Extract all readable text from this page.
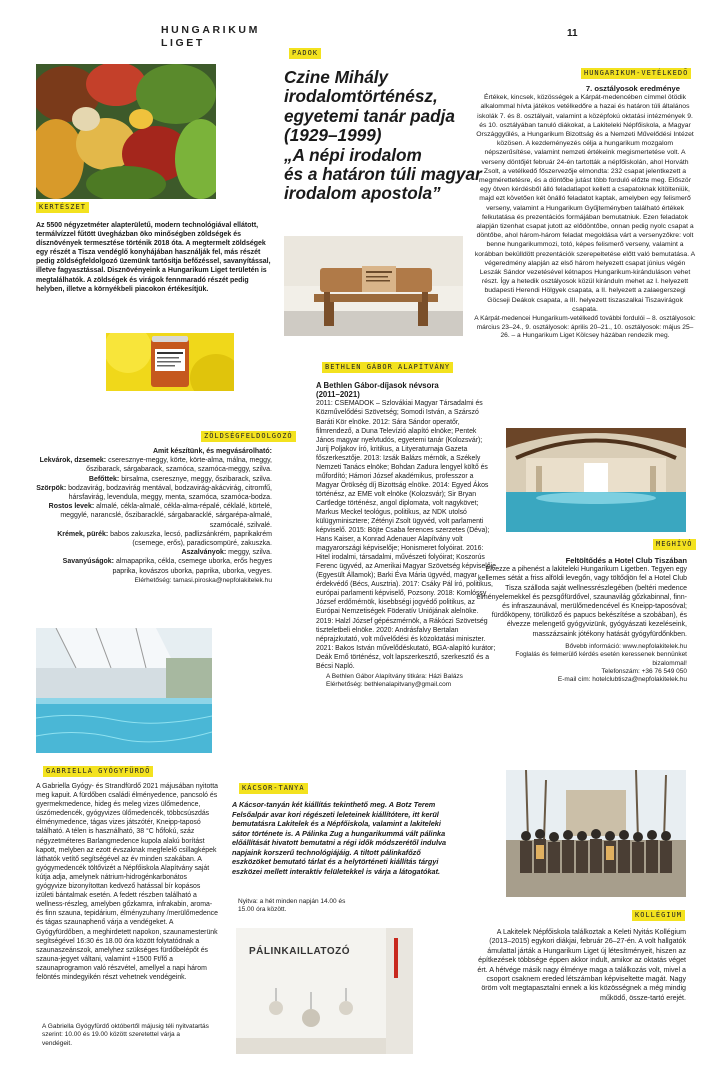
HUNGARIKUM
LIGET
11
KERTÉSZET
Az 5500 négyzetméter alapterületű, modern technológiával ellátott, termálvízzel fűtött üvegházban öko minőségben zöldségek és dísznövények termesztése történik 2018 óta. A megtermelt zöldségek egy részét a Tisza vendéglő konyhájában használják fel, más részét pedig zöldségfeldolgozó üzemünk tartósítja befőzéssel, savanyítással, illetve fagyasztással. Disznövényeink a Hungarikum Liget területén is megtalálhatók. A zöldségek és virágok fennmaradó részét pedig helyben, illetve a környékbeli piacokon értékesítjük.
ZÖLDSÉGFELDOLGOZÓ
Amit készítünk, és megvásárolható:
Lekvárok, dzsemek: cseresznye-meggy, körte, körte-alma, málna, meggy, őszibarack, sárgabarack, szamóca, szamóca-meggy, szilva.
Befőttek: birsalma, cseresznye, meggy, őszibarack, szilva.
Szörpök: bodzavirág, bodzavirág mentával, bodzavirág-akácvirág, citromfű, hársfavirág, levendula, meggy, menta, szamóca, szamóca-bodza.
Rostos levek: almalé, cékla-almalé, cékla-alma-répalé, céklalé, körtelé, meggylé, narancslé, őszibaracklé, sárgabaracklé, sárgarépa-almalé, szamócalé, szilvalé.
Krémek, pürék: babos zakuszka, lecsó, padlizsánkrém, paprikakrém (csemege, erős), paradicsompüré, zakuszka.
Aszalványok: meggy, szilva.
Savanyúságok: almapaprika, cékla, csemege uborka, erős hegyes paprika, kovászos uborka, paprika, uborka, vegyes.
Elérhetőség: tamasi.piroska@nepfolakitelek.hu
GABRIELLA GYÓGYFÜRDŐ
A Gabriella Gyógy- és Strandfürdő 2021 májusában nyitotta meg kapuit. A fürdőben családi élményedence, pancsoló és gyermekmedence, hideg és meleg vizes ülőmedence, úszómedencék, gyógyvizes ülőmedencék, többcsúszdás élménymedence, tágas vizes játszótér, Kneipp-taposó található. A télen is használható, 38 °C hőfokú, száz négyzetméteres Barlangmedence kupola alakú borítást kapott, melyben az ezott évszaknak megfelelő csillagképek láthatók vetítő segítségével az év minden szakában. A gyógymedencék töltővizét a Népfőiskola Alapítvány saját kútja adja, amelynek nátrium-hidrogénkarbonátos gyógyvize bizonyítottan kedvező hatással bír kopásos izületi bántalmak esetén. A fedett részben található a wellness-részleg, amelyben gőzkamra, infrakabin, aroma- és finn szauna, tepidárium, élményzuhany /merülőmedence és tágas szaunaphenő várja a vendégeket. A Gyógyfürdőben, a meghirdetett napokon, szaunamesterünk segítségével 16:30 és 18.00 óra között folytatódnak a szaunaszeánszok, amelyhez szükséges fürdőbelépőt és szauna-jegyet váltani, valamint +1500 Ft/fő a szaunaprogramon való részvétel, amellyel a napi három felöntés mindegyikén részt vehetnek vendégeink.
A Gabriella Gyógyfürdő októbertől májusig téli nyitvatartás szerint: 10.00 és 19.00 között szeretettel várja a vendégeit.
PADOK
Czine Mihály
irodalomtörténész,
egyetemi tanár padja
(1929–1999)
„A népi irodalom
és a határon túli magyar
irodalom apostola”
BETHLEN GÁBOR ALAPÍTVÁNY
A Bethlen Gábor-díjasok névsora
(2011–2021)
2011: CSEMADOK – Szlovákiai Magyar Társadalmi és Közművelődési Szövetség; Somodi István, a Szárszó Baráti Kör elnöke. 2012: Sára Sándor operatőr, filmrendező, a Duna Televízió alapító elnöke; Pentek János magyar nyelvtudós, egyetemi tanár (Kolozsvár); Jurij Poljakov író, kritikus, a Lityeraturnaja Gazeta főszerkesztője. 2013: Izsák Balázs mérnök, a Székely Nemzeti Tanács elnöke; Bohdan Zadura lengyel költő és műfordító; Hámori József akadémikus, professzor a Magyar Örökség díj Bizottság elnöke. 2014: Egyed Ákos történész, az EME volt elnöke (Kolozsvár); Sir Bryan Cartledge történész, angol diplomata, volt nagykövet; Markus Meckel teológus, politikus, az NDK utolsó külügyminisztere; Zétényi Zsolt ügyvéd, volt parlamenti képviselő. 2015: Böjte Csaba ferences szerzetes (Déva); Hans Kaiser, a Konrad Adenauer Alapítvány volt magyarországi képviselője; Honismeret folyóirat. 2016: Hitel irodalmi, társadalmi, művészeti folyóirat; Koszorús Ferenc ügyvéd, az Amerikai Magyar Szövetség képviselője (Egyesült Államok); Barki Éva Mária ügyvéd, magyar érdekvédő (Bécs, Ausztria). 2017: Csáky Pál író, politikus, európai parlamenti képviselő, Pozsony. 2018: Komlóssy József erdőmérnök, kisebbségi jogvédő politikus, az Európai Nemzetiségek Föderatív Uniójának alelnöke. 2019: Halzl József gépészmérnök, a Rákóczi Szövetség tiszteletbeli elnöke. 2020: Andrásfalvy Bertalan néprajzkutató, volt művelődési és közoktatási miniszter. 2021: Bakos István művelődéskutató, BGA-alapító kurátor; Deák Ernő történész, volt lapszerkesztő, szerkesztő és a Bécsi Napló.
A Bethlen Gábor Alapítvány titkára: Házi Balázs
Elérhetőség: bethlenalapitvany@gmail.com
KÁCSOR-TANYA
A Kácsor-tanyán két kiállítás tekinthető meg. A Botz Terem Felsőalpár avar kori régészeti leleteinek kiállítótere, itt kerül bemutatásra Lakitelek és a Népfőiskola, valamint a lakiteleki sátor története is. A Pálinka Zug a hungarikummá vált pálinka előállítását hivatott bemutatni a régi idők módszerétől indulva napjaink korszerű technológiájáig. A tiltott pálinkafőző eszközöket bemutató tárlat és a helytörténeti kiállítás tárgyi eszközei mellett interaktív felületekkel is várja a látogatókat.
Nyitva: a hét minden napján 14.00 és 15.00 óra között.
PÁLINKAILLATOZÓ
HUNGARIKUM-VETÉLKEDŐ
7. osztályosok eredménye
Értékek, kincsek, közösségek a Kárpát-medencében címmel ötödik alkalommal hívta játékos vetélkedőre a hazai és határon túli általános iskolák 7. és 8. osztályait, valamint a középfokú oktatási intézmények 9. és 10. osztályában tanuló diákokat, a Lakiteleki Népfőiskola, a Magyar Országgyűlés, a Hungarikum Bizottság és a Nemzeti Művelődési Intézet közösen. A kezdeményezés célja a hungarikum mozgalom népszerűsítése, valamint nemzeti értékeink megismertetése volt. A verseny döntőjét február 24-én tartották a népfőiskolán, ahol Horváth Zsolt, a vetélkedő főszervezője elmondta: 232 csapat jelentkezett a megmérettetésre, és a döntőbe jutást több forduló előzte meg. Először egy ötven kérdésből álló feladatlapot kellett a csapatoknak kitölteniük, majd ezt követően két önálló feladatot kaptak, amelyben egy felismerő verseny, valamint a Hungarikum Gyűjteményben található értékek felkutatása és prezentációs formájában bemutatniuk. Ezen feladatok alapján tizenhat csapat jutott az elődöntőbe, onnan pedig nyolc csapat a döntőbe, ahol három-három feladat megoldása várt a versenyzőkre: volt benne hungarikummozi, totó, képes felismerő verseny, valamint a korábban bekülldött prezentációk szerepeltetése előtt való bemutatása. A végeredmény alapján az első három helyezett csapat június végén Leszák Sándor vezetésével kétnapos Hungarikum-kiránduláson vehet részt. Így a hetedik osztályosok közül kiránduln mehet az I. helyezett budapesti Herendi Hölgyek csapata, a II. helyezett a zalaegerszegi Göcseji Deákok csapata, a III. helyezett tiszaszalkai Tiszavirágok csapata.
A Kárpát-medencei Hungarikum-vetélkedő további fordulói – 8. osztályosok: március 23–24., 9. osztályosok: április 20–21., 10. osztályosok: május 25–26. – a Hungarikum Liget Kölcsey házában rendezik meg.
MEGHÍVÓ
Feltöltődés a Hotel Club Tiszában
Élvezze a pihenést a lakiteleki Hungarikum Ligetben. Tegyen egy kellemes sétát a friss alföldi levegőn, vagy töltődjön fel a Hotel Club Tisza szálloda saját wellnessrészlegében (beltéri medence élményelemekkel és pezsgőfürdővel, szaunavilág gőzkabinnal, finn- és infraszaunával, merülőmedencével és Kneipp-taposóval; fürdőköpeny, törülköző és papucs bekészítése a szobában), és élvezze melengető gyógyvizünk, gyógyászati kezeléseink, masszázsaink jótékony hatását gyógyfürdőnkben.
Bővebb információ: www.nepfolakitelek.hu
Foglalás és felmerülő kérdés esetén keressenek bennünket bizalommal!
Telefonszám: +36 76 549 050
E-mail cím: hotelclubtisza@nepfolakitelek.hu
KOLLÉGIUM
A Lakitelek Népfőiskola találkoztak a Keleti Nyitás Kollégium (2013–2015) egykori diákjai, február 26–27-én. A volt hallgatók ámulattal járták a Hungarikum Liget új létesítményeit, hiszen az építkezések többsége éppen akkor indult, amikor az oktatás véget ért. A hétvége másik nagy élménye maga a találkozás volt, mivel a csoport csaknem ereded létszámban képviseltette magát. Nagy öröm volt megtapasztalni ennek a kis közösségnek a még mindig működő, össze-tartó erejét.
